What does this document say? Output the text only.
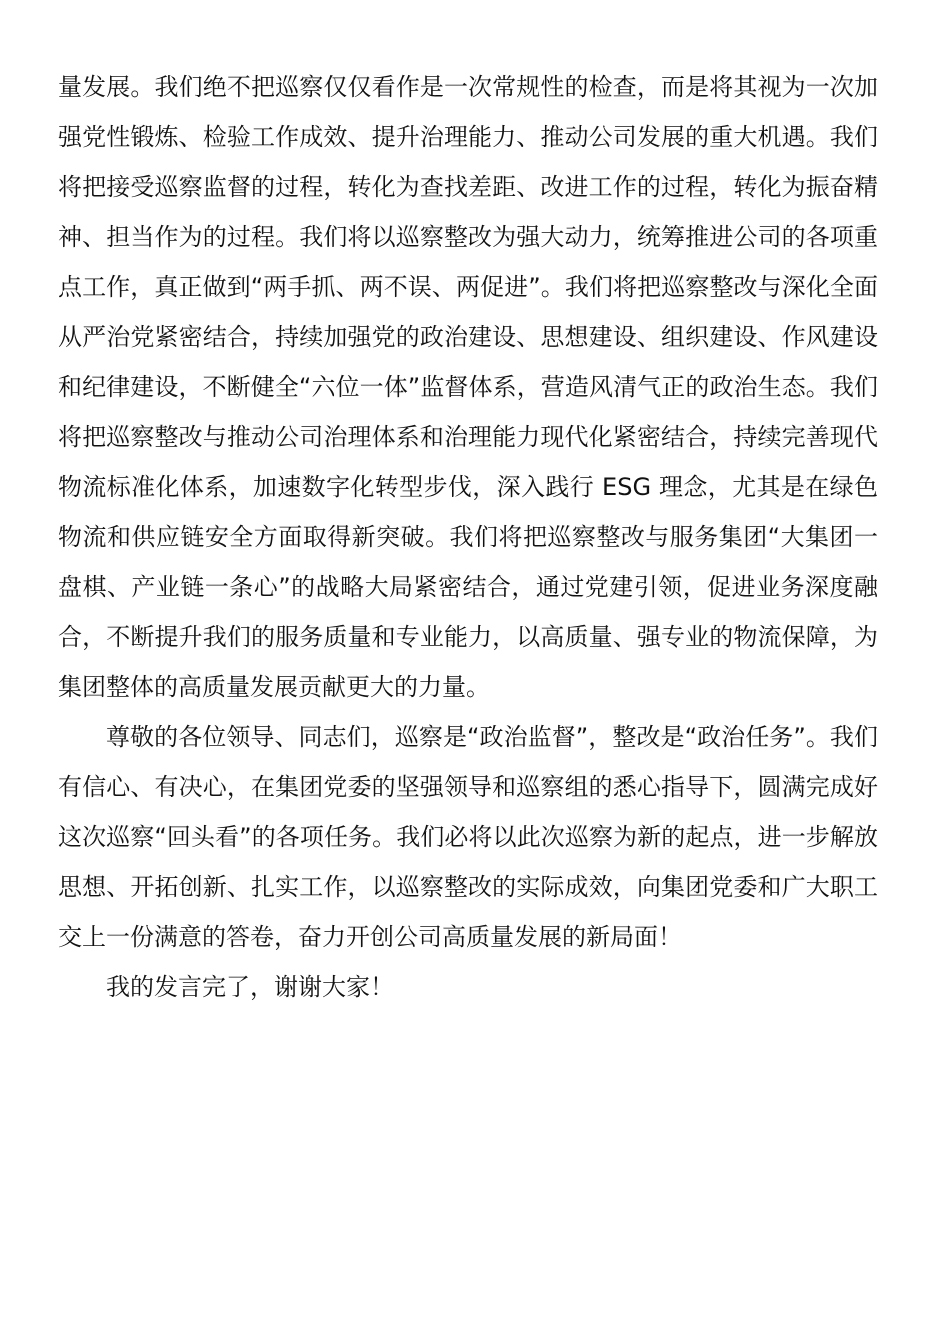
量发展。我们绝不把巡察仅仅看作是一次常规性的检查，而是将其视为一次加强党性锻炼、检验工作成效、提升治理能力、推动公司发展的重大机遇。我们将把接受巡察监督的过程，转化为查找差距、改进工作的过程，转化为振奋精神、担当作为的过程。我们将以巡察整改为强大动力，统筹推进公司的各项重点工作，真正做到“两手抓、两不误、两促进”。我们将把巡察整改与深化全面从严治党紧密结合，持续加强党的政治建设、思想建设、组织建设、作风建设和纪律建设，不断健全“六位一体”监督体系，营造风清气正的政治生态。我们将把巡察整改与推动公司治理体系和治理能力现代化紧密结合，持续完善现代物流标准化体系，加速数字化转型步伐，深入践行 ESG 理念，尤其是在绿色物流和供应链安全方面取得新突破。我们将把巡察整改与服务集团“大集团一盘棋、产业链一条心”的战略大局紧密结合，通过党建引领，促进业务深度融合，不断提升我们的服务质量和专业能力，以高质量、强专业的物流保障，为集团整体的高质量发展贡献更大的力量。

尊敬的各位领导、同志们，巡察是“政治监督”，整改是“政治任务”。我们有信心、有决心，在集团党委的坚强领导和巡察组的悉心指导下，圆满完成好这次巡察“回头看”的各项任务。我们必将以此次巡察为新的起点，进一步解放思想、开拓创新、扎实工作，以巡察整改的实际成效，向集团党委和广大职工交上一份满意的答卷，奋力开创公司高质量发展的新局面！

我的发言完了，谢谢大家！
